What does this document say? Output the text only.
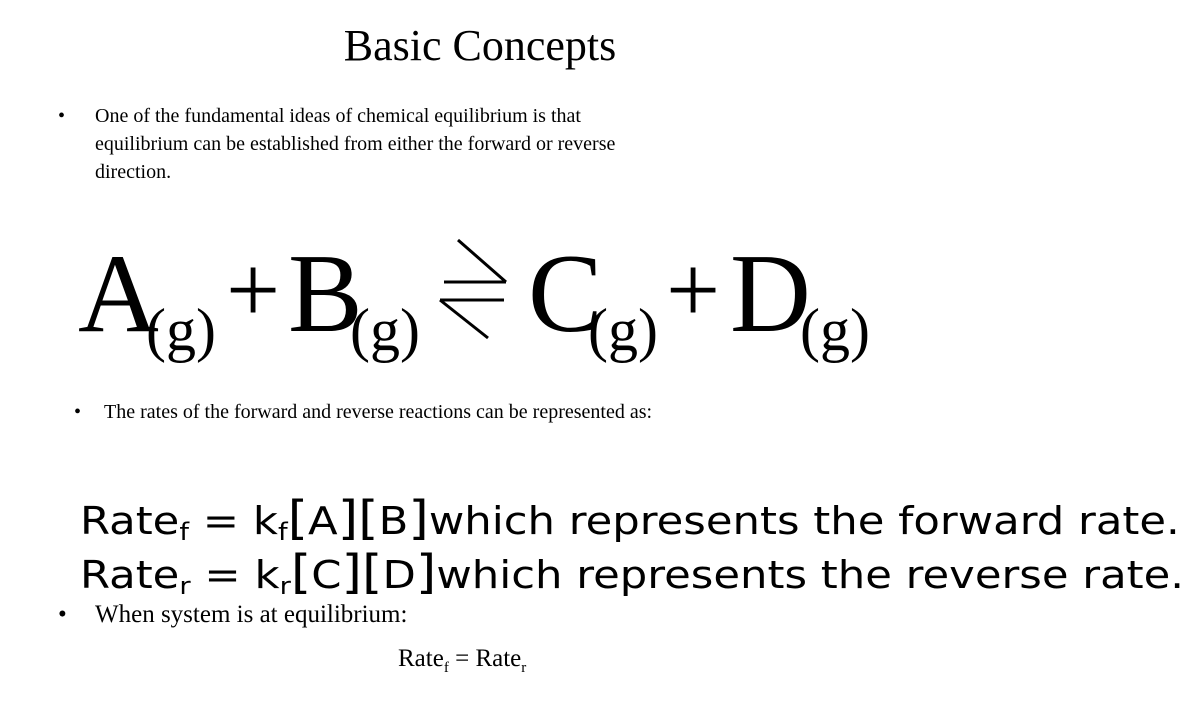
Basic Concepts
• One of the fundamental ideas of chemical equilibrium is that
equilibrium can be established from either the forward or reverse
direction.
A
(g) + B
(g) C
(g) + D
(g)
• The rates of the forward and reverse reactions can be represented as:
Ratef = kf[A][B]which represents the forward rate.
Rater = kr[C][D]which represents the reverse rate.
• When system is at equilibrium:
Rate$_f$ = Rate$_r$
